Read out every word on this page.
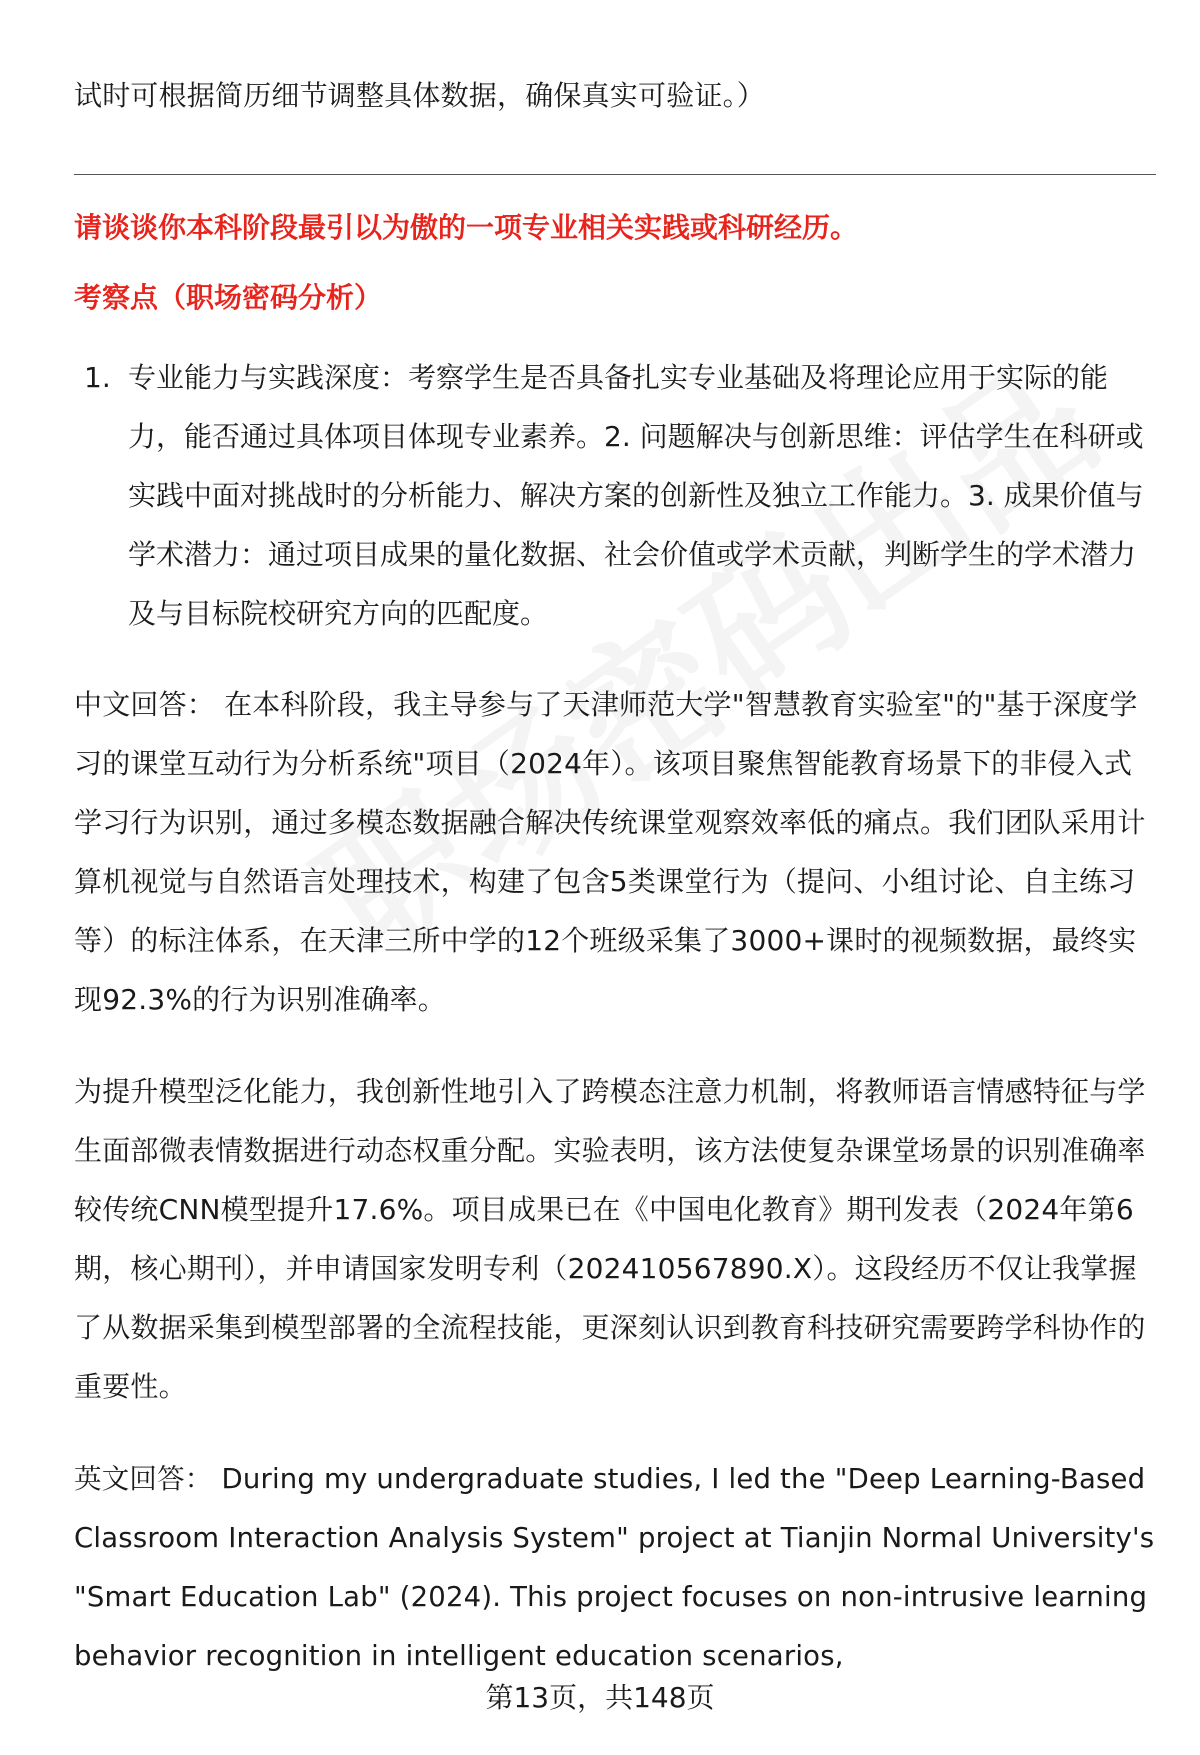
试时可根据简历细节调整具体数据，确保真实可验证。）

请谈谈你本科阶段最引以为傲的一项专业相关实践或科研经历。

考察点（职场密码分析）

1. 专业能力与实践深度：考察学生是否具备扎实专业基础及将理论应用于实际的能力，能否通过具体项目体现专业素养。2. 问题解决与创新思维：评估学生在科研或实践中面对挑战时的分析能力、解决方案的创新性及独立工作能力。3. 成果价值与学术潜力：通过项目成果的量化数据、社会价值或学术贡献，判断学生的学术潜力及与目标院校研究方向的匹配度。

中文回答： 在本科阶段，我主导参与了天津师范大学"智慧教育实验室"的"基于深度学习的课堂互动行为分析系统"项目（2024年）。该项目聚焦智能教育场景下的非侵入式学习行为识别，通过多模态数据融合解决传统课堂观察效率低的痛点。我们团队采用计算机视觉与自然语言处理技术，构建了包含5类课堂行为（提问、小组讨论、自主练习等）的标注体系，在天津三所中学的12个班级采集了3000+课时的视频数据，最终实现92.3%的行为识别准确率。

为提升模型泛化能力，我创新性地引入了跨模态注意力机制，将教师语言情感特征与学生面部微表情数据进行动态权重分配。实验表明，该方法使复杂课堂场景的识别准确率较传统CNN模型提升17.6%。项目成果已在《中国电化教育》期刊发表（2024年第6期，核心期刊），并申请国家发明专利（202410567890.X）。这段经历不仅让我掌握了从数据采集到模型部署的全流程技能，更深刻认识到教育科技研究需要跨学科协作的重要性。

英文回答： During my undergraduate studies, I led the "Deep Learning-Based Classroom Interaction Analysis System" project at Tianjin Normal University's "Smart Education Lab" (2024). This project focuses on non-intrusive learning behavior recognition in intelligent education scenarios,

第13页，共148页
